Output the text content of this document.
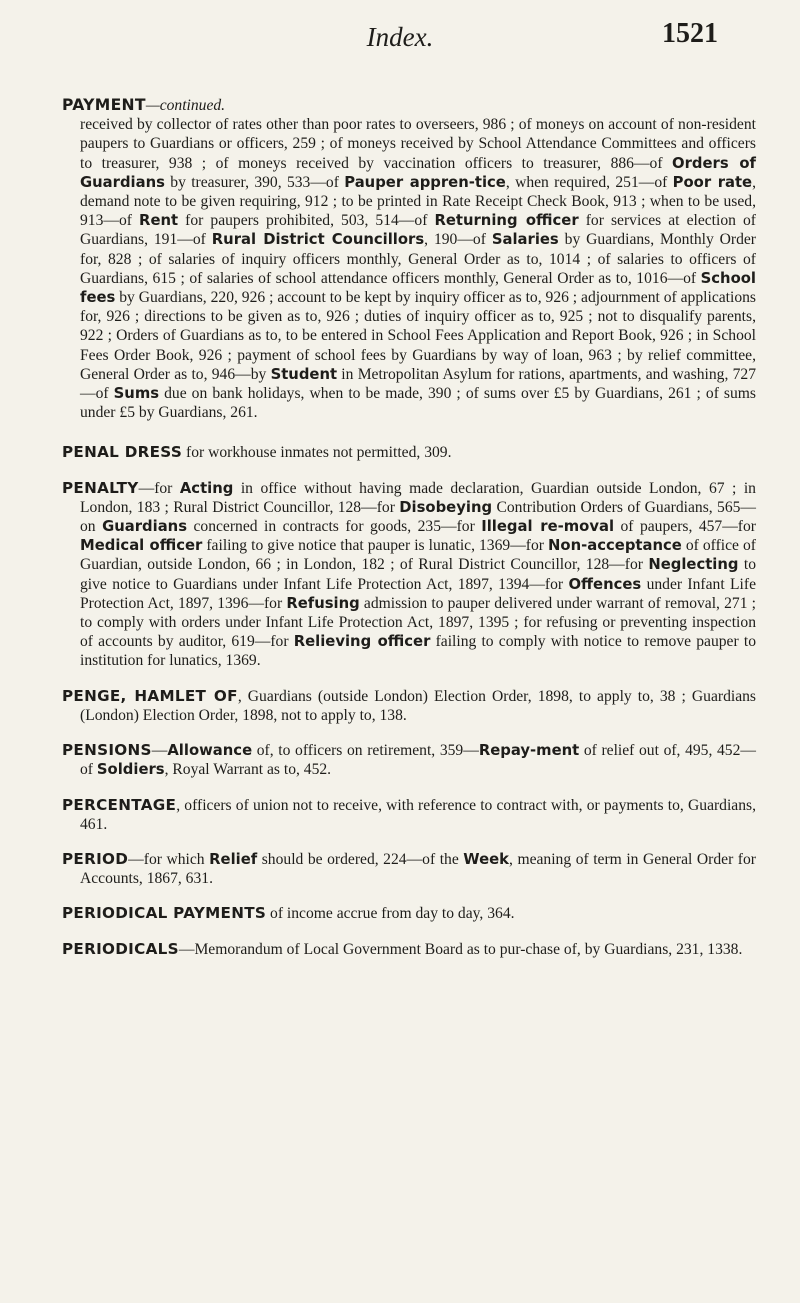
Index.	1521

PAYMENT—continued.
received by collector of rates other than poor rates to overseers, 986 ; of moneys on account of non-resident paupers to Guardians or officers, 259 ; of moneys received by School Attendance Committees and officers to treasurer, 938 ; of moneys received by vaccination officers to treasurer, 886—of Orders of Guardians by treasurer, 390, 533—of Pauper appren-tice, when required, 251—of Poor rate, demand note to be given requiring, 912 ; to be printed in Rate Receipt Check Book, 913 ; when to be used, 913—of Rent for paupers prohibited, 503, 514—of Returning officer for services at election of Guardians, 191—of Rural District Councillors, 190—of Salaries by Guardians, Monthly Order for, 828 ; of salaries of inquiry officers monthly, General Order as to, 1014 ; of salaries to officers of Guardians, 615 ; of salaries of school attendance officers monthly, General Order as to, 1016—of School fees by Guardians, 220, 926 ; account to be kept by inquiry officer as to, 926 ; adjournment of applications for, 926 ; directions to be given as to, 926 ; duties of inquiry officer as to, 925 ; not to disqualify parents, 922 ; Orders of Guardians as to, to be entered in School Fees Application and Report Book, 926 ; in School Fees Order Book, 926 ; payment of school fees by Guardians by way of loan, 963 ; by relief committee, General Order as to, 946—by Student in Metropolitan Asylum for rations, apartments, and washing, 727—of Sums due on bank holidays, when to be made, 390 ; of sums over £5 by Guardians, 261 ; of sums under £5 by Guardians, 261.

PENAL DRESS for workhouse inmates not permitted, 309.

PENALTY—for Acting in office without having made declaration, Guardian outside London, 67 ; in London, 183 ; Rural District Councillor, 128—for Disobeying Contribution Orders of Guardians, 565—on Guardians concerned in contracts for goods, 235—for Illegal re-moval of paupers, 457—for Medical officer failing to give notice that pauper is lunatic, 1369—for Non-acceptance of office of Guardian, outside London, 66 ; in London, 182 ; of Rural District Councillor, 128—for Neglecting to give notice to Guardians under Infant Life Protection Act, 1897, 1394—for Offences under Infant Life Protection Act, 1897, 1396—for Refusing admission to pauper delivered under warrant of removal, 271 ; to comply with orders under Infant Life Protection Act, 1897, 1395 ; for refusing or preventing inspection of accounts by auditor, 619—for Relieving officer failing to comply with notice to remove pauper to institution for lunatics, 1369.

PENGE, HAMLET OF, Guardians (outside London) Election Order, 1898, to apply to, 38 ; Guardians (London) Election Order, 1898, not to apply to, 138.

PENSIONS—Allowance of, to officers on retirement, 359—Repay-ment of relief out of, 495, 452—of Soldiers, Royal Warrant as to, 452.

PERCENTAGE, officers of union not to receive, with reference to contract with, or payments to, Guardians, 461.

PERIOD—for which Relief should be ordered, 224—of the Week, meaning of term in General Order for Accounts, 1867, 631.

PERIODICAL PAYMENTS of income accrue from day to day, 364.

PERIODICALS—Memorandum of Local Government Board as to pur-chase of, by Guardians, 231, 1338.
